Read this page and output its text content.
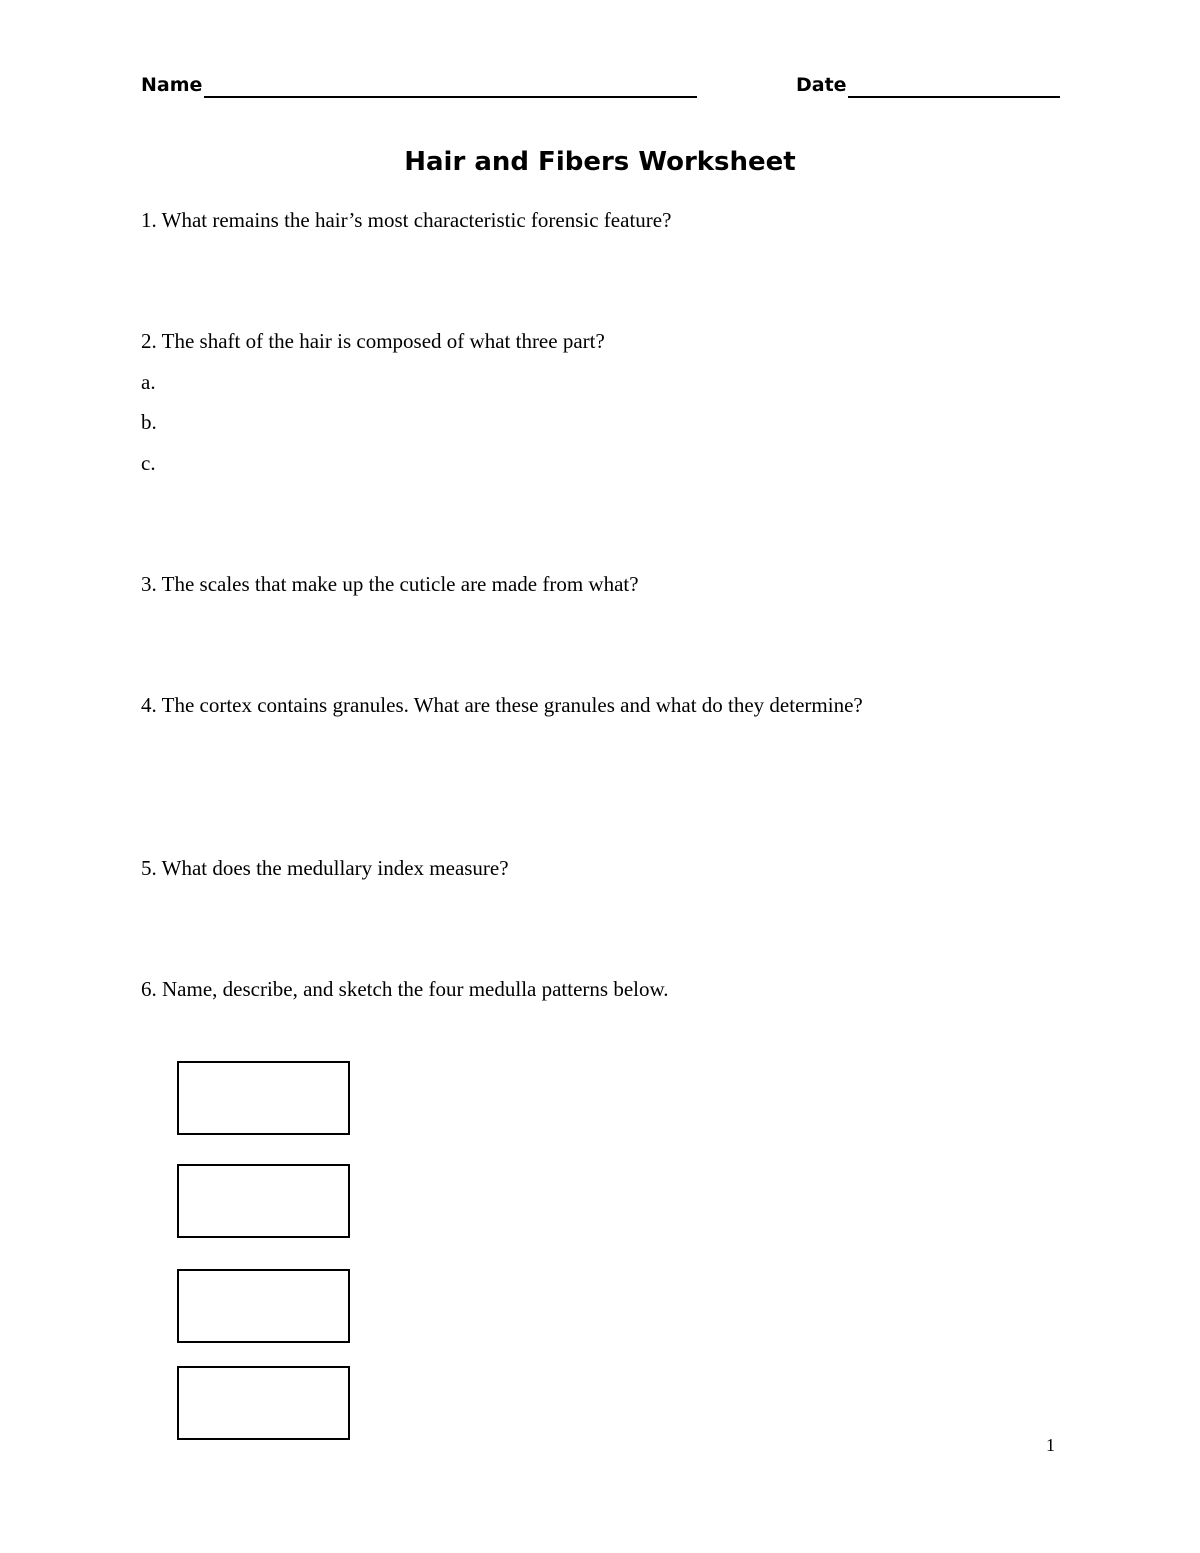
Name	Date
Hair and Fibers Worksheet
1. What remains the hair’s most characteristic forensic feature?
2. The shaft of the hair is composed of what three part?
a.
b.
c.
3. The scales that make up the cuticle are made from what?
4. The cortex contains granules. What are these granules and what do they determine?
5. What does the medullary index measure?
6. Name, describe, and sketch the four medulla patterns below.
1
